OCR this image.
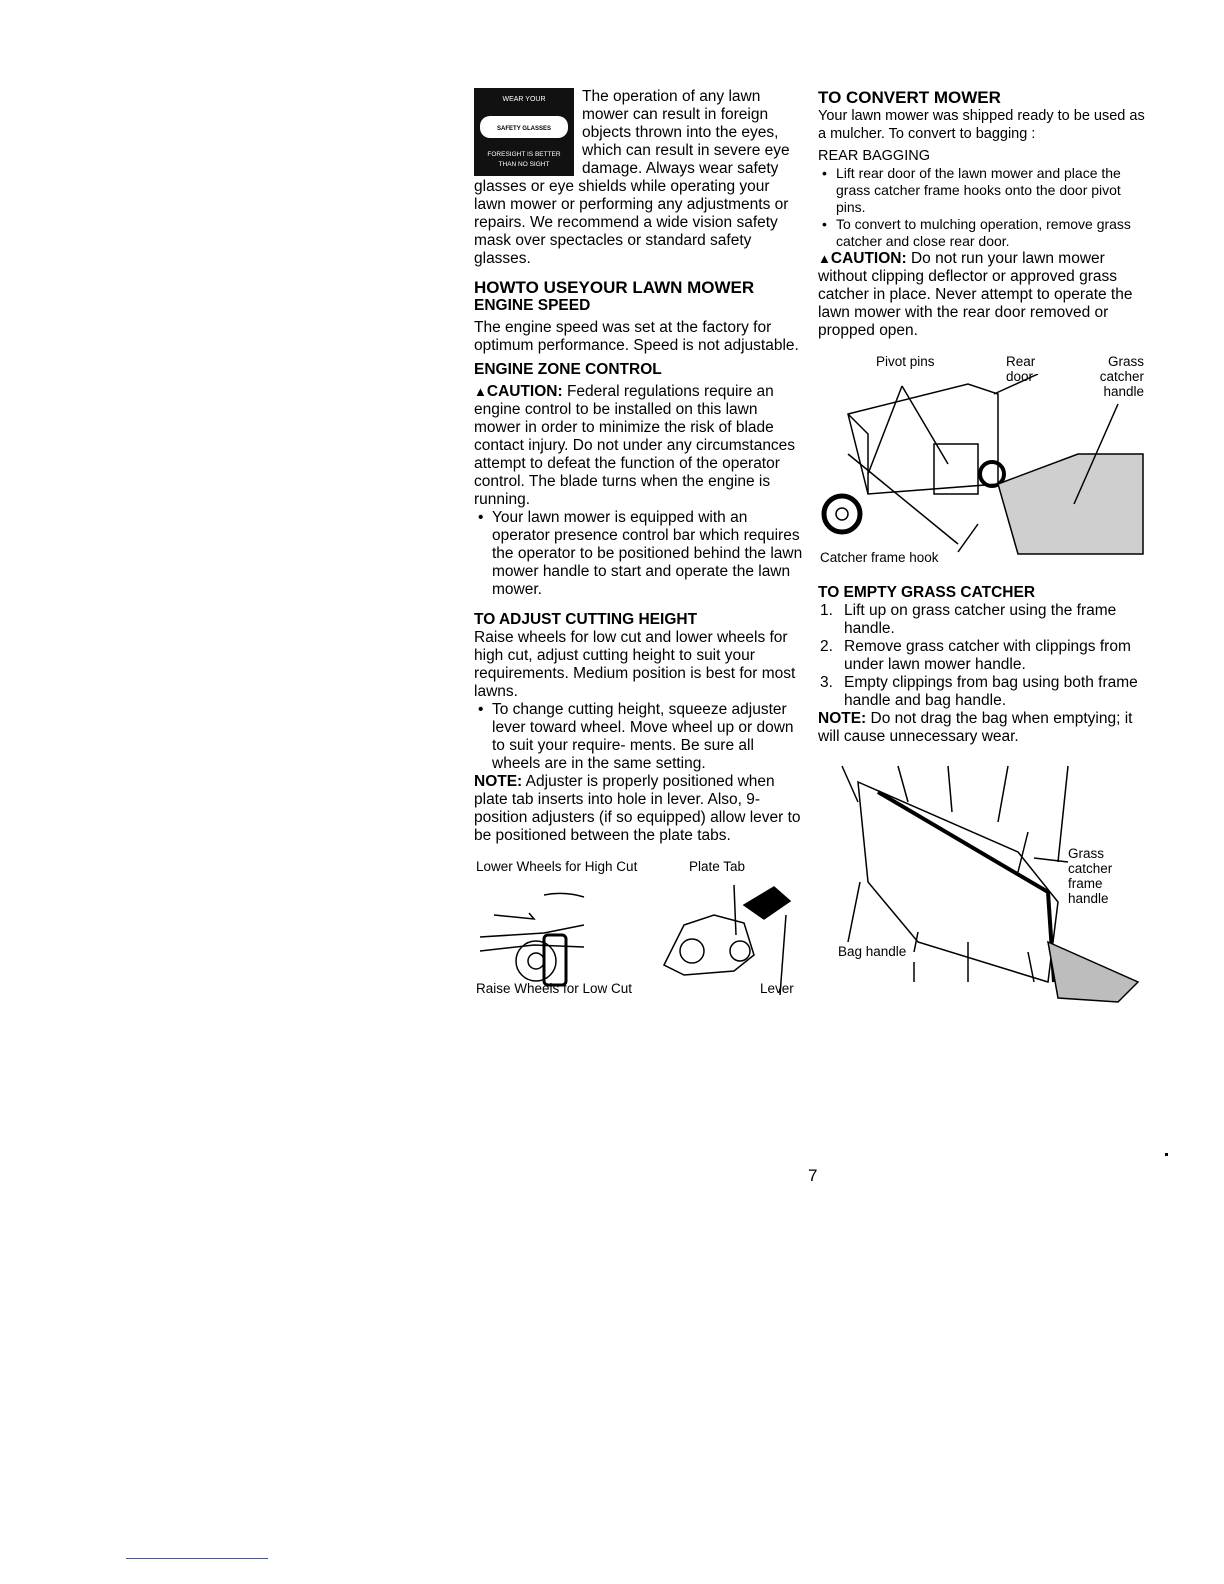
WEAR YOUR
SAFETY GLASSES
FORESIGHT IS BETTER
THAN NO SIGHT

The operation of any lawn mower can result in foreign objects thrown into the eyes, which can result in severe eye damage. Always wear safety glasses or eye shields while operating your lawn mower or performing any adjustments or repairs. We recommend a wide vision safety mask over spectacles or standard safety glasses.

HOWTO USEYOUR LAWN MOWER
ENGINE SPEED

The engine speed was set at the factory for optimum performance. Speed is not adjustable.

ENGINE ZONE CONTROL

▲CAUTION: Federal regulations require an engine control to be installed on this lawn mower in order to minimize the risk of blade contact injury. Do not under any circumstances attempt to defeat the function of the operator control. The blade turns when the engine is running.

• Your lawn mower is equipped with an operator presence control bar which requires the operator to be positioned behind the lawn mower handle to start and operate the lawn mower.
TO ADJUST CUTTING HEIGHT

Raise wheels for low cut and lower wheels for high cut, adjust cutting height to suit your requirements. Medium position is best for most lawns.

• To change cutting height, squeeze adjuster lever toward wheel. Move wheel up or down to suit your require- ments. Be sure all wheels are in the same setting.

NOTE: Adjuster is properly positioned when plate tab inserts into hole in lever. Also, 9-position adjusters (if so equipped) allow lever to be positioned between the plate tabs.

Lower Wheels for High Cut	Plate Tab
Raise Wheels for Low Cut	Lever
TO CONVERT MOWER

Your lawn mower was shipped ready to be used as a mulcher. To convert to bagging :

REAR BAGGING

• Lift rear door of the lawn mower and place the grass catcher frame hooks onto the door pivot pins.
• To convert to mulching operation, remove grass catcher and close rear door.

▲CAUTION: Do not run your lawn mower without clipping deflector or approved grass catcher in place. Never attempt to operate the lawn mower with the rear door removed or propped open.

Pivot pins	Rear door
Grass catcher handle
Catcher frame hook
TO EMPTY GRASS CATCHER
1. Lift up on grass catcher using the frame handle.
2. Remove grass catcher with clippings from under lawn mower handle.
3. Empty clippings from bag using both frame handle and bag handle.

NOTE: Do not drag the bag when emptying; it will cause unnecessary wear.

Grass catcher frame handle
Bag handle
7
